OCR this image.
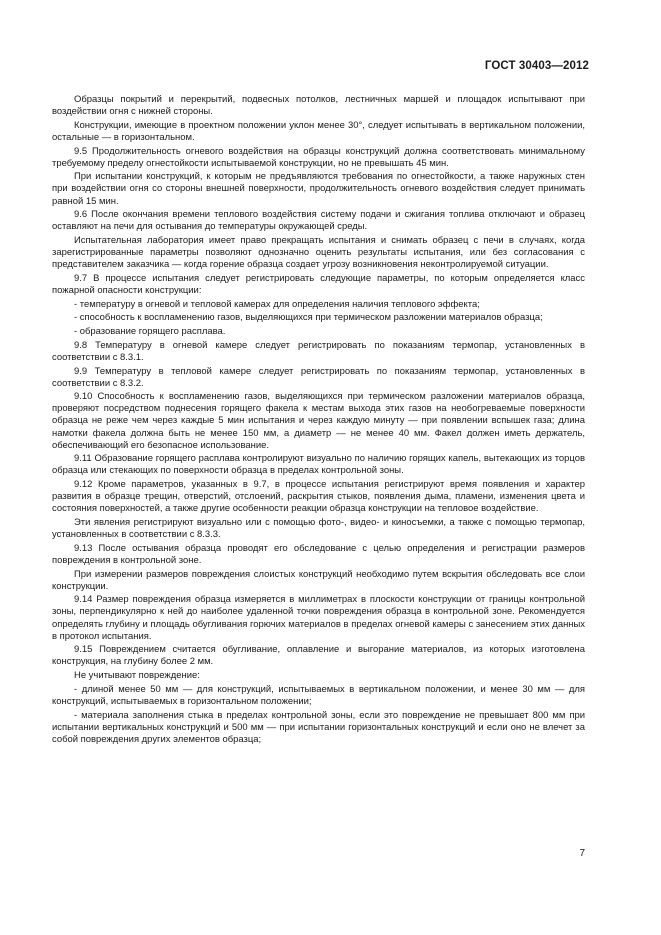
ГОСТ 30403—2012

Образцы покрытий и перекрытий, подвесных потолков, лестничных маршей и площадок испытывают при воздействии огня с нижней стороны.

Конструкции, имеющие в проектном положении уклон менее 30°, следует испытывать в вертикальном положении, остальные — в горизонтальном.

9.5 Продолжительность огневого воздействия на образцы конструкций должна соответствовать минимальному требуемому пределу огнестойкости испытываемой конструкции, но не превышать 45 мин.

При испытании конструкций, к которым не предъявляются требования по огнестойкости, а также наружных стен при воздействии огня со стороны внешней поверхности, продолжительность огневого воздействия следует принимать равной 15 мин.

9.6 После окончания времени теплового воздействия систему подачи и сжигания топлива отключают и образец оставляют на печи для остывания до температуры окружающей среды.

Испытательная лаборатория имеет право прекращать испытания и снимать образец с печи в случаях, когда зарегистрированные параметры позволяют однозначно оценить результаты испытания, или без согласования с представителем заказчика — когда горение образца создает угрозу возникновения неконтролируемой ситуации.

9.7 В процессе испытания следует регистрировать следующие параметры, по которым определяется класс пожарной опасности конструкции:

- температуру в огневой и тепловой камерах для определения наличия теплового эффекта;

- способность к воспламенению газов, выделяющихся при термическом разложении материалов образца;

- образование горящего расплава.

9.8 Температуру в огневой камере следует регистрировать по показаниям термопар, установленных в соответствии с 8.3.1.

9.9 Температуру в тепловой камере следует регистрировать по показаниям термопар, установленных в соответствии с 8.3.2.

9.10 Способность к воспламенению газов, выделяющихся при термическом разложении материалов образца, проверяют посредством поднесения горящего факела к местам выхода этих газов на необогреваемые поверхности образца не реже чем через каждые 5 мин испытания и через каждую минуту — при появлении вспышек газа; длина намотки факела должна быть не менее 150 мм, а диаметр — не менее 40 мм. Факел должен иметь держатель, обеспечивающий его безопасное использование.

9.11 Образование горящего расплава контролируют визуально по наличию горящих капель, вытекающих из торцов образца или стекающих по поверхности образца в пределах контрольной зоны.

9.12 Кроме параметров, указанных в 9.7, в процессе испытания регистрируют время появления и характер развития в образце трещин, отверстий, отслоений, раскрытия стыков, появления дыма, пламени, изменения цвета и состояния поверхностей, а также другие особенности реакции образца конструкции на тепловое воздействие.

Эти явления регистрируют визуально или с помощью фото-, видео- и киносъемки, а также с помощью термопар, установленных в соответствии с 8.3.3.

9.13 После остывания образца проводят его обследование с целью определения и регистрации размеров повреждения в контрольной зоне.

При измерении размеров повреждения слоистых конструкций необходимо путем вскрытия обследовать все слои конструкции.

9.14 Размер повреждения образца измеряется в миллиметрах в плоскости конструкции от границы контрольной зоны, перпендикулярно к ней до наиболее удаленной точки повреждения образца в контрольной зоне. Рекомендуется определять глубину и площадь обугливания горючих материалов в пределах огневой камеры с занесением этих данных в протокол испытания.

9.15 Повреждением считается обугливание, оплавление и выгорание материалов, из которых изготовлена конструкция, на глубину более 2 мм.

Не учитывают повреждение:

- длиной менее 50 мм — для конструкций, испытываемых в вертикальном положении, и менее 30 мм — для конструкций, испытываемых в горизонтальном положении;

- материала заполнения стыка в пределах контрольной зоны, если это повреждение не превышает 800 мм при испытании вертикальных конструкций и 500 мм — при испытании горизонтальных конструкций и если оно не влечет за собой повреждения других элементов образца;

7
